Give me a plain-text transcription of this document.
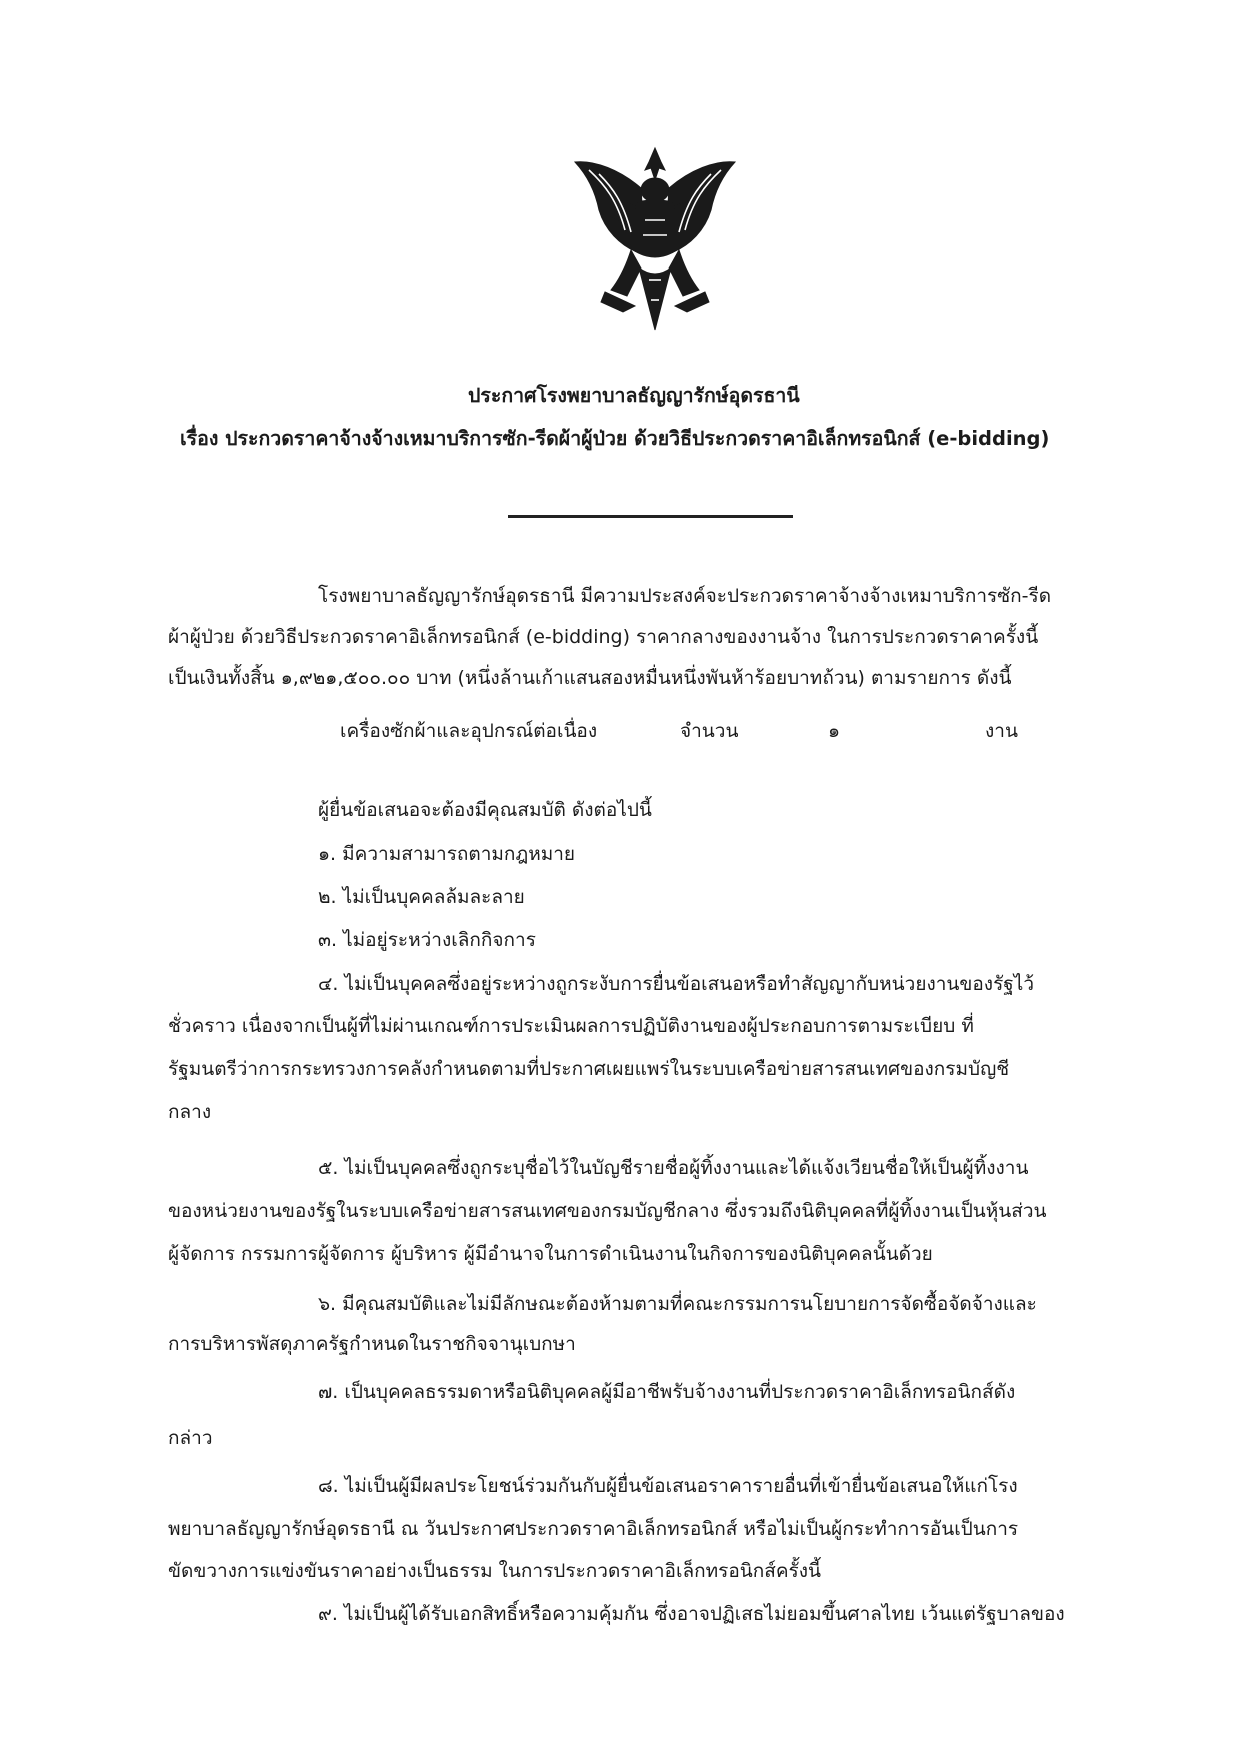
ประกาศโรงพยาบาลธัญญารักษ์อุดรธานี
เรื่อง ประกวดราคาจ้างจ้างเหมาบริการซัก-รีดผ้าผู้ป่วย ด้วยวิธีประกวดราคาอิเล็กทรอนิกส์ (e-bidding)
โรงพยาบาลธัญญารักษ์อุดรธานี มีความประสงค์จะประกวดราคาจ้างจ้างเหมาบริการซัก-รีด
ผ้าผู้ป่วย ด้วยวิธีประกวดราคาอิเล็กทรอนิกส์ (e-bidding) ราคากลางของงานจ้าง ในการประกวดราคาครั้งนี้
เป็นเงินทั้งสิ้น ๑,๙๒๑,๕๐๐.๐๐ บาท (หนึ่งล้านเก้าแสนสองหมื่นหนึ่งพันห้าร้อยบาทถ้วน) ตามรายการ ดังนี้
เครื่องซักผ้าและอุปกรณ์ต่อเนื่อง	จำนวน	๑	งาน
ผู้ยื่นข้อเสนอจะต้องมีคุณสมบัติ ดังต่อไปนี้
๑. มีความสามารถตามกฎหมาย
๒. ไม่เป็นบุคคลล้มละลาย
๓. ไม่อยู่ระหว่างเลิกกิจการ
๔. ไม่เป็นบุคคลซึ่งอยู่ระหว่างถูกระงับการยื่นข้อเสนอหรือทำสัญญากับหน่วยงานของรัฐไว้
ชั่วคราว เนื่องจากเป็นผู้ที่ไม่ผ่านเกณฑ์การประเมินผลการปฏิบัติงานของผู้ประกอบการตามระเบียบ ที่
รัฐมนตรีว่าการกระทรวงการคลังกำหนดตามที่ประกาศเผยแพร่ในระบบเครือข่ายสารสนเทศของกรมบัญชี
กลาง
๕. ไม่เป็นบุคคลซึ่งถูกระบุชื่อไว้ในบัญชีรายชื่อผู้ทิ้งงานและได้แจ้งเวียนชื่อให้เป็นผู้ทิ้งงาน
ของหน่วยงานของรัฐในระบบเครือข่ายสารสนเทศของกรมบัญชีกลาง ซึ่งรวมถึงนิติบุคคลที่ผู้ทิ้งงานเป็นหุ้นส่วน
ผู้จัดการ กรรมการผู้จัดการ ผู้บริหาร ผู้มีอำนาจในการดำเนินงานในกิจการของนิติบุคคลนั้นด้วย
๖. มีคุณสมบัติและไม่มีลักษณะต้องห้ามตามที่คณะกรรมการนโยบายการจัดซื้อจัดจ้างและ
การบริหารพัสดุภาครัฐกำหนดในราชกิจจานุเบกษา
๗. เป็นบุคคลธรรมดาหรือนิติบุคคลผู้มีอาชีพรับจ้างงานที่ประกวดราคาอิเล็กทรอนิกส์ดัง
กล่าว
๘. ไม่เป็นผู้มีผลประโยชน์ร่วมกันกับผู้ยื่นข้อเสนอราคารายอื่นที่เข้ายื่นข้อเสนอให้แก่โรง
พยาบาลธัญญารักษ์อุดรธานี ณ วันประกาศประกวดราคาอิเล็กทรอนิกส์ หรือไม่เป็นผู้กระทำการอันเป็นการ
ขัดขวางการแข่งขันราคาอย่างเป็นธรรม ในการประกวดราคาอิเล็กทรอนิกส์ครั้งนี้
๙. ไม่เป็นผู้ได้รับเอกสิทธิ์หรือความคุ้มกัน ซึ่งอาจปฏิเสธไม่ยอมขึ้นศาลไทย เว้นแต่รัฐบาลของ
